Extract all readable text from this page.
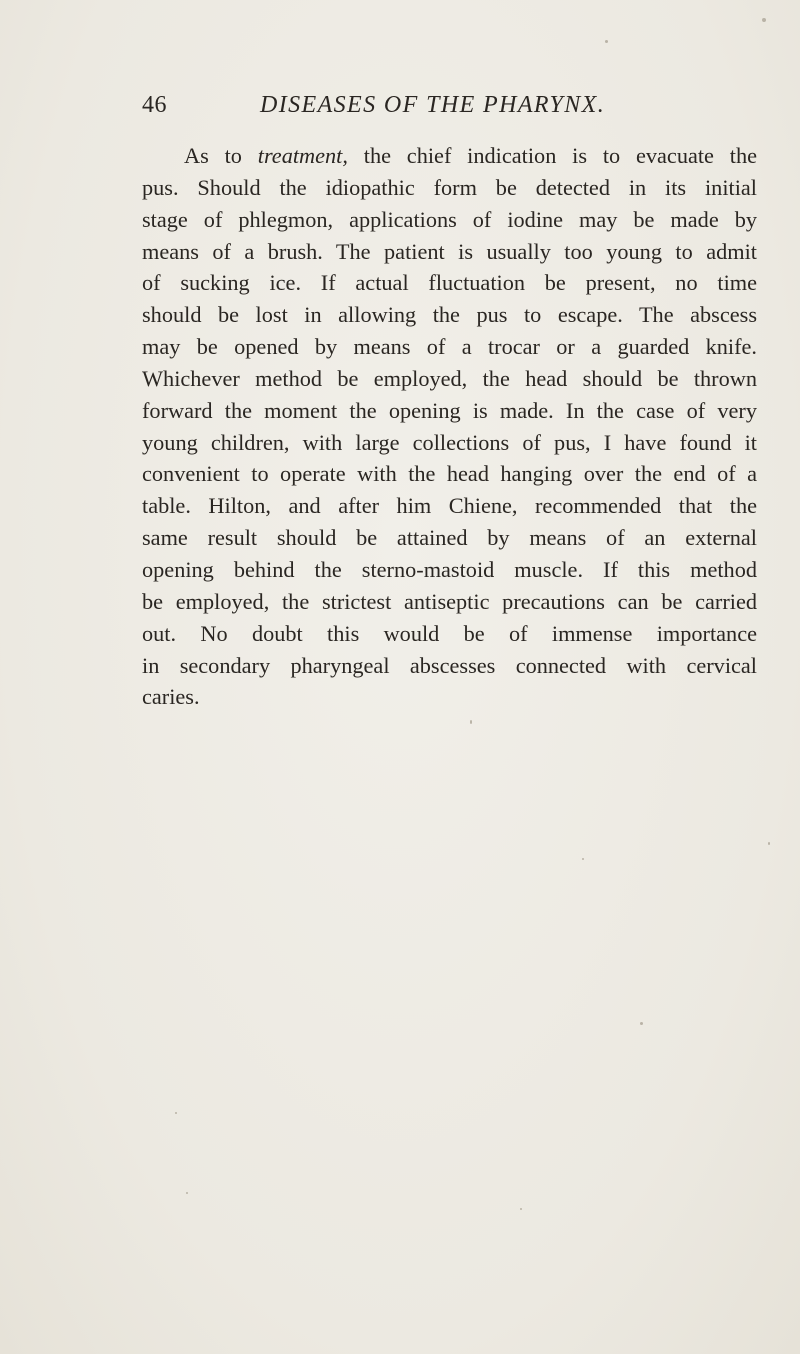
46	DISEASES OF THE PHARYNX.

As to treatment, the chief indication is to evacuate the
pus. Should the idiopathic form be detected in its initial
stage of phlegmon, applications of iodine may be made by
means of a brush. The patient is usually too young to admit
of sucking ice. If actual fluctuation be present, no time
should be lost in allowing the pus to escape. The abscess
may be opened by means of a trocar or a guarded knife.
Whichever method be employed, the head should be thrown
forward the moment the opening is made. In the case of very
young children, with large collections of pus, I have found it
convenient to operate with the head hanging over the end of a
table. Hilton, and after him Chiene, recommended that the
same result should be attained by means of an external
opening behind the sterno-mastoid muscle. If this method
be employed, the strictest antiseptic precautions can be carried
out. No doubt this would be of immense importance
in secondary pharyngeal abscesses connected with cervical
caries.
